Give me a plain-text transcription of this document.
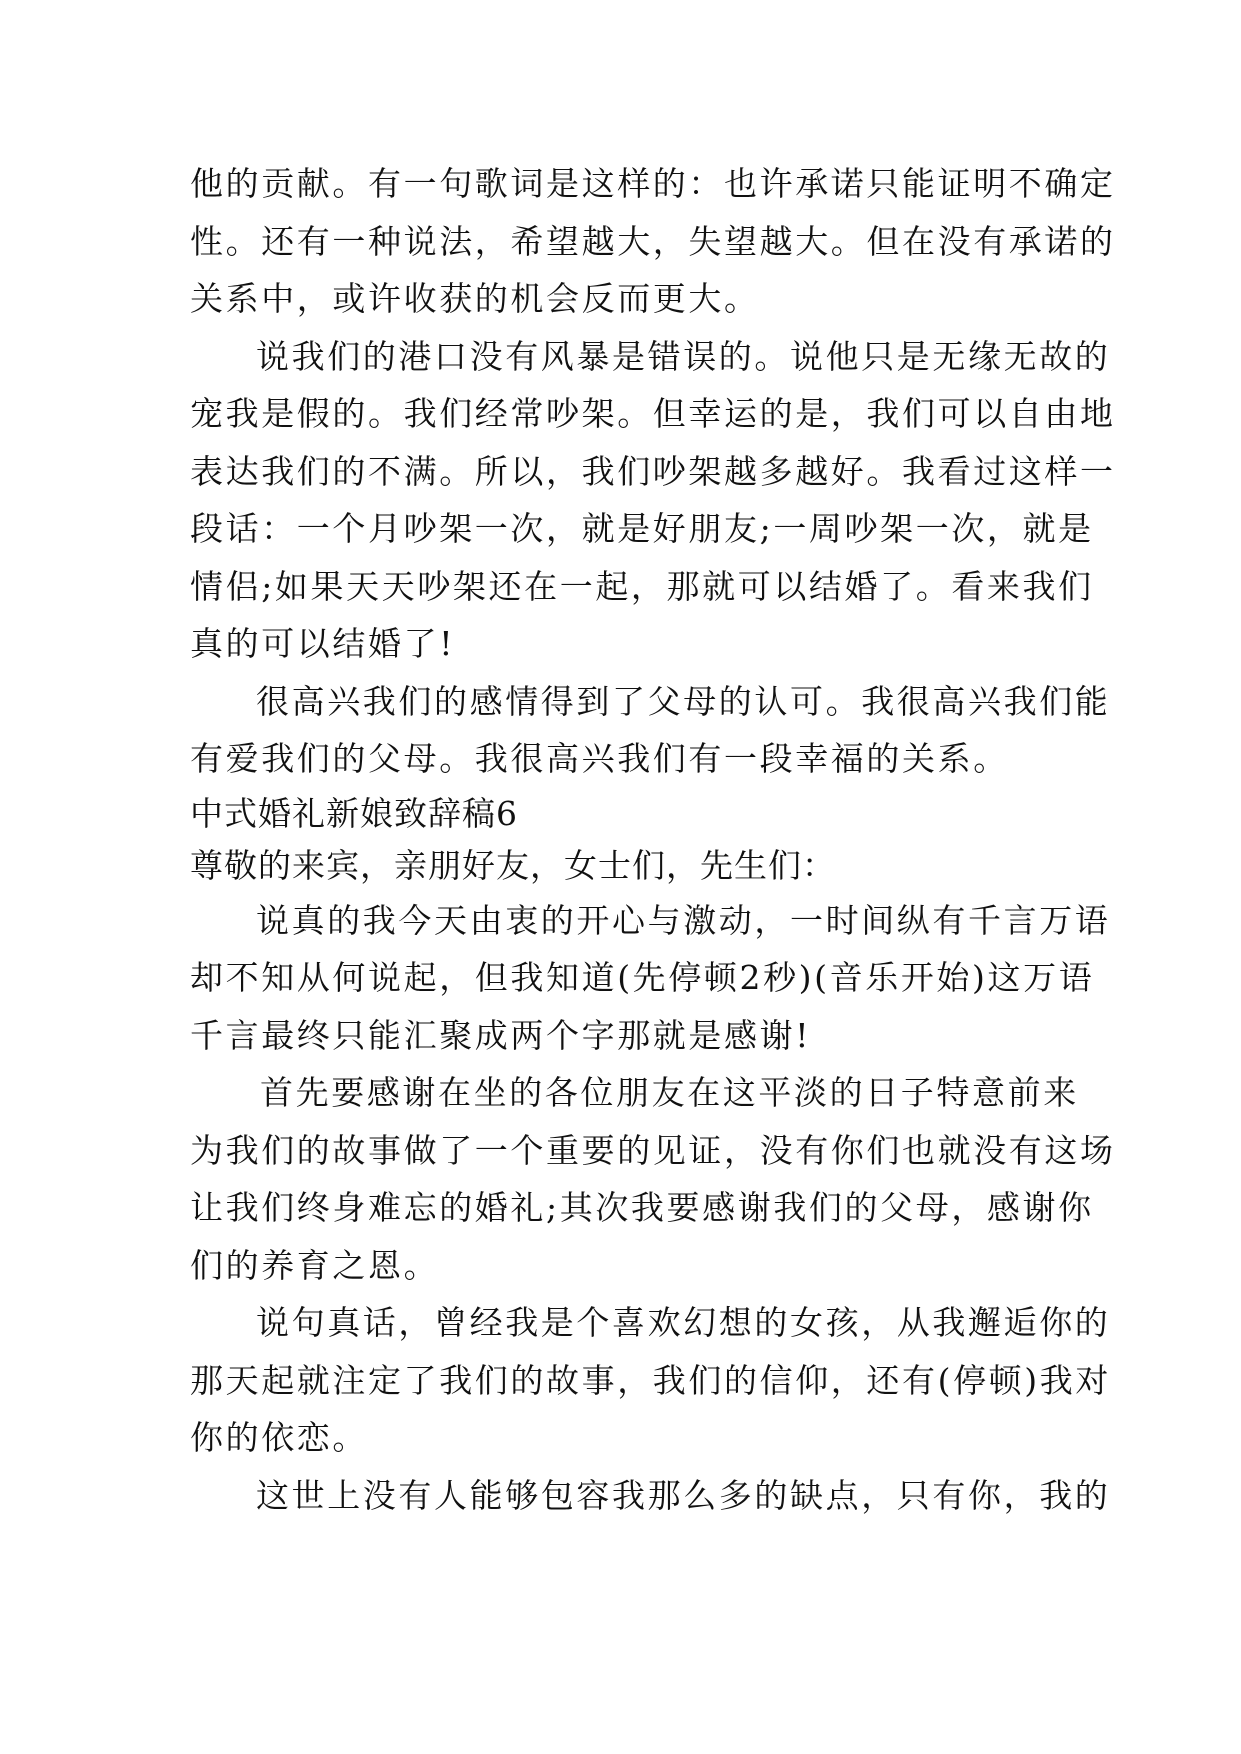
他的贡献。有一句歌词是这样的：也许承诺只能证明不确定
性。还有一种说法，希望越大，失望越大。但在没有承诺的
关系中，或许收获的机会反而更大。
说我们的港口没有风暴是错误的。说他只是无缘无故的
宠我是假的。我们经常吵架。但幸运的是，我们可以自由地
表达我们的不满。所以，我们吵架越多越好。我看过这样一
段话：一个月吵架一次，就是好朋友;一周吵架一次，就是
情侣;如果天天吵架还在一起，那就可以结婚了。看来我们
真的可以结婚了!
很高兴我们的感情得到了父母的认可。我很高兴我们能
有爱我们的父母。我很高兴我们有一段幸福的关系。
中式婚礼新娘致辞稿6
尊敬的来宾，亲朋好友，女士们，先生们：
说真的我今天由衷的开心与激动，一时间纵有千言万语
却不知从何说起，但我知道(先停顿2秒)(音乐开始)这万语
千言最终只能汇聚成两个字那就是感谢!
首先要感谢在坐的各位朋友在这平淡的日子特意前来
为我们的故事做了一个重要的见证，没有你们也就没有这场
让我们终身难忘的婚礼;其次我要感谢我们的父母，感谢你
们的养育之恩。
说句真话，曾经我是个喜欢幻想的女孩，从我邂逅你的
那天起就注定了我们的故事，我们的信仰，还有(停顿)我对
你的依恋。
这世上没有人能够包容我那么多的缺点，只有你，我的
